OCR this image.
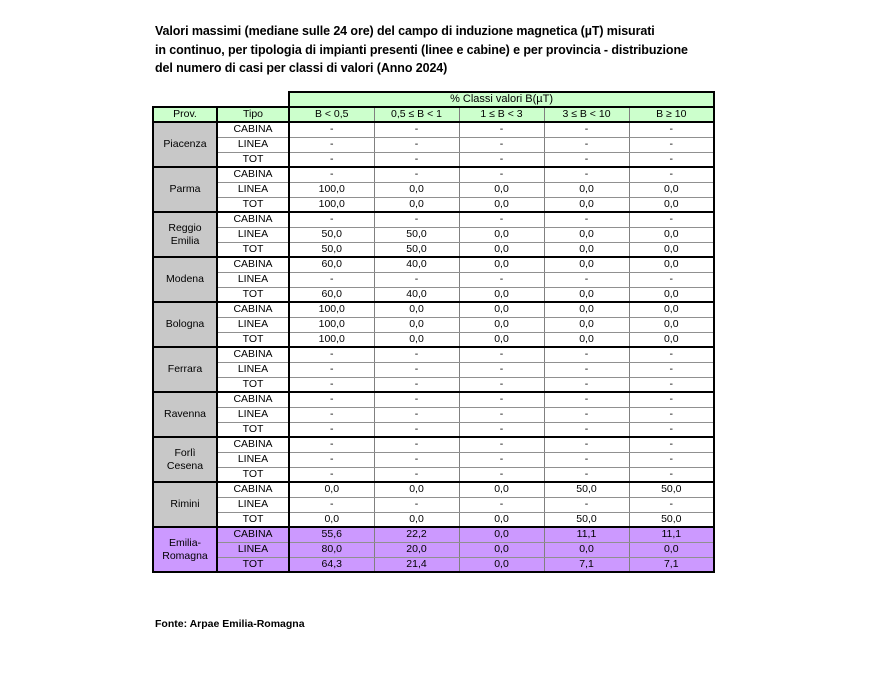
Valori massimi (mediane sulle 24 ore) del campo di induzione magnetica (µT) misurati
in continuo, per tipologia di impianti presenti (linee e cabine) e per provincia - distribuzione
del numero di casi per classi di valori (Anno 2024)
		% Classi valori B(µT)				
Prov.	Tipo	B < 0,5	0,5 ≤ B < 1	1 ≤ B < 3	3 ≤ B < 10	B ≥ 10

Piacenza	CABINA	-	-	-	-	-
	LINEA	-	-	-	-	-
	TOT	-	-	-	-	-

Parma	CABINA	-	-	-	-	-
	LINEA	100,0	0,0	0,0	0,0	0,0
	TOT	100,0	0,0	0,0	0,0	0,0

Reggio
Emilia	CABINA	-	-	-	-	-
	LINEA	50,0	50,0	0,0	0,0	0,0
	TOT	50,0	50,0	0,0	0,0	0,0

Modena	CABINA	60,0	40,0	0,0	0,0	0,0
	LINEA	-	-	-	-	-
	TOT	60,0	40,0	0,0	0,0	0,0

Bologna	CABINA	100,0	0,0	0,0	0,0	0,0
	LINEA	100,0	0,0	0,0	0,0	0,0
	TOT	100,0	0,0	0,0	0,0	0,0

Ferrara	CABINA	-	-	-	-	-
	LINEA	-	-	-	-	-
	TOT	-	-	-	-	-

Ravenna	CABINA	-	-	-	-	-
	LINEA	-	-	-	-	-
	TOT	-	-	-	-	-

Forlì
Cesena	CABINA	-	-	-	-	-
	LINEA	-	-	-	-	-
	TOT	-	-	-	-	-

Rimini	CABINA	0,0	0,0	0,0	50,0	50,0
	LINEA	-	-	-	-	-
	TOT	0,0	0,0	0,0	50,0	50,0

Emilia-
Romagna	CABINA	55,6	22,2	0,0	11,1	11,1
	LINEA	80,0	20,0	0,0	0,0	0,0
	TOT	64,3	21,4	0,0	7,1	7,1
Fonte: Arpae Emilia-Romagna
